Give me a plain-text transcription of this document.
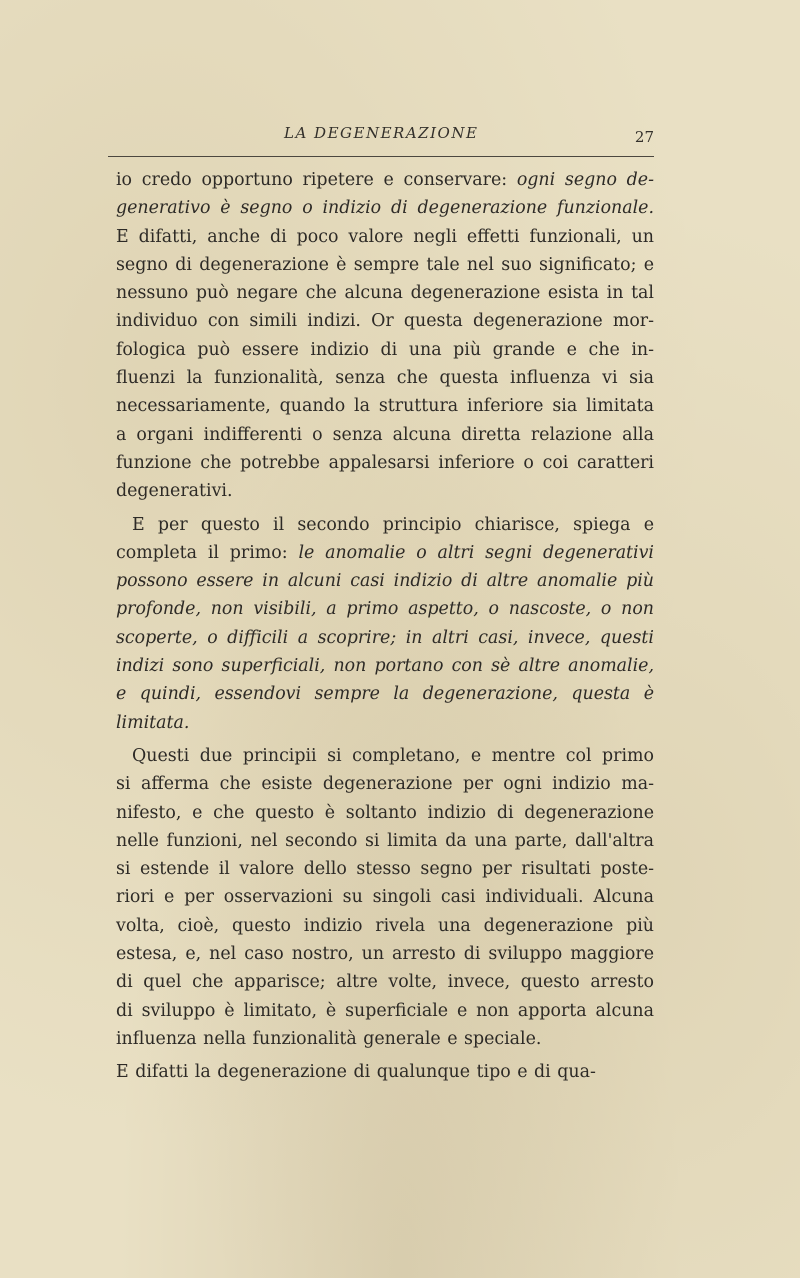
LA DEGENERAZIONE	27
io credo opportuno ripetere e conservare: ogni segno de-
generativo è segno o indizio di degenerazione funzionale.
E difatti, anche di poco valore negli effetti funzionali, un
segno di degenerazione è sempre tale nel suo significato; e
nessuno può negare che alcuna degenerazione esista in tal
individuo con simili indizi. Or questa degenerazione mor-
fologica può essere indizio di una più grande e che in-
fluenzi la funzionalità, senza che questa influenza vi sia
necessariamente, quando la struttura inferiore sia limitata
a organi indifferenti o senza alcuna diretta relazione alla
funzione che potrebbe appalesarsi inferiore o coi caratteri
degenerativi.
E per questo il secondo principio chiarisce, spiega e
completa il primo: le anomalie o altri segni degenerativi
possono essere in alcuni casi indizio di altre anomalie più
profonde, non visibili, a primo aspetto, o nascoste, o non
scoperte, o difficili a scoprire; in altri casi, invece, questi
indizi sono superficiali, non portano con sè altre anomalie,
e quindi, essendovi sempre la degenerazione, questa è
limitata.
Questi due principii si completano, e mentre col primo
si afferma che esiste degenerazione per ogni indizio ma-
nifesto, e che questo è soltanto indizio di degenerazione
nelle funzioni, nel secondo si limita da una parte, dall'altra
si estende il valore dello stesso segno per risultati poste-
riori e per osservazioni su singoli casi individuali. Alcuna
volta, cioè, questo indizio rivela una degenerazione più
estesa, e, nel caso nostro, un arresto di sviluppo maggiore
di quel che apparisce; altre volte, invece, questo arresto
di sviluppo è limitato, è superficiale e non apporta alcuna
influenza nella funzionalità generale e speciale.
E difatti la degenerazione di qualunque tipo e di qua-
